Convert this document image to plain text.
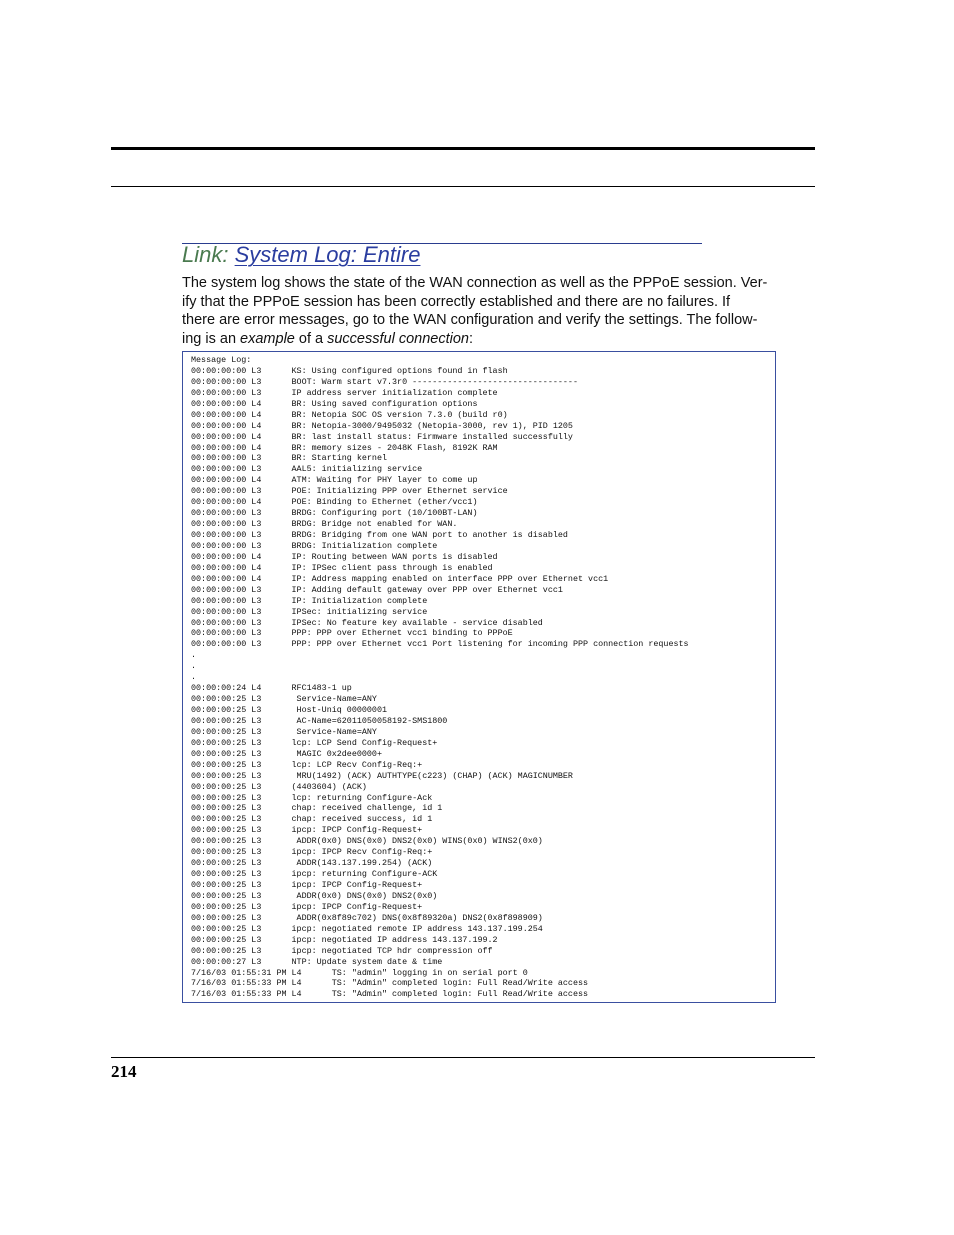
Link: System Log: Entire

The system log shows the state of the WAN connection as well as the PPPoE session. Ver-

ify that the PPPoE session has been correctly established and there are no failures. If

there are error messages, go to the WAN configuration and verify the settings. The follow-

ing is an example of a successful connection:

Message Log:
00:00:00:00 L3      KS: Using configured options found in flash
00:00:00:00 L3      BOOT: Warm start v7.3r0 ---------------------------------
00:00:00:00 L3      IP address server initialization complete
00:00:00:00 L4      BR: Using saved configuration options
00:00:00:00 L4      BR: Netopia SOC OS version 7.3.0 (build r0)
00:00:00:00 L4      BR: Netopia-3000/9495032 (Netopia-3000, rev 1), PID 1205
00:00:00:00 L4      BR: last install status: Firmware installed successfully
00:00:00:00 L4      BR: memory sizes - 2048K Flash, 8192K RAM
00:00:00:00 L3      BR: Starting kernel
00:00:00:00 L3      AAL5: initializing service
00:00:00:00 L4      ATM: Waiting for PHY layer to come up
00:00:00:00 L3      POE: Initializing PPP over Ethernet service
00:00:00:00 L4      POE: Binding to Ethernet (ether/vcc1)
00:00:00:00 L3      BRDG: Configuring port (10/100BT-LAN)
00:00:00:00 L3      BRDG: Bridge not enabled for WAN.
00:00:00:00 L3      BRDG: Bridging from one WAN port to another is disabled
00:00:00:00 L3      BRDG: Initialization complete
00:00:00:00 L4      IP: Routing between WAN ports is disabled
00:00:00:00 L4      IP: IPSec client pass through is enabled
00:00:00:00 L4      IP: Address mapping enabled on interface PPP over Ethernet vcc1
00:00:00:00 L3      IP: Adding default gateway over PPP over Ethernet vcc1
00:00:00:00 L3      IP: Initialization complete
00:00:00:00 L3      IPSec: initializing service
00:00:00:00 L3      IPSec: No feature key available - service disabled
00:00:00:00 L3      PPP: PPP over Ethernet vcc1 binding to PPPoE
00:00:00:00 L3      PPP: PPP over Ethernet vcc1 Port listening for incoming PPP connection requests
.
.
.
00:00:00:24 L4      RFC1483-1 up
00:00:00:25 L3       Service-Name=ANY
00:00:00:25 L3       Host-Uniq 00000001
00:00:00:25 L3       AC-Name=62011050058192-SMS1800
00:00:00:25 L3       Service-Name=ANY
00:00:00:25 L3      lcp: LCP Send Config-Request+
00:00:00:25 L3       MAGIC 0x2dee0000+
00:00:00:25 L3      lcp: LCP Recv Config-Req:+
00:00:00:25 L3       MRU(1492) (ACK) AUTHTYPE(c223) (CHAP) (ACK) MAGICNUMBER
00:00:00:25 L3      (4403604) (ACK)
00:00:00:25 L3      lcp: returning Configure-Ack
00:00:00:25 L3      chap: received challenge, id 1
00:00:00:25 L3      chap: received success, id 1
00:00:00:25 L3      ipcp: IPCP Config-Request+
00:00:00:25 L3       ADDR(0x0) DNS(0x0) DNS2(0x0) WINS(0x0) WINS2(0x0)
00:00:00:25 L3      ipcp: IPCP Recv Config-Req:+
00:00:00:25 L3       ADDR(143.137.199.254) (ACK)
00:00:00:25 L3      ipcp: returning Configure-ACK
00:00:00:25 L3      ipcp: IPCP Config-Request+
00:00:00:25 L3       ADDR(0x0) DNS(0x0) DNS2(0x0)
00:00:00:25 L3      ipcp: IPCP Config-Request+
00:00:00:25 L3       ADDR(0x8f89c702) DNS(0x8f89320a) DNS2(0x8f898909)
00:00:00:25 L3      ipcp: negotiated remote IP address 143.137.199.254
00:00:00:25 L3      ipcp: negotiated IP address 143.137.199.2
00:00:00:25 L3      ipcp: negotiated TCP hdr compression off
00:00:00:27 L3      NTP: Update system date & time
7/16/03 01:55:31 PM L4      TS: "admin" logging in on serial port 0
7/16/03 01:55:33 PM L4      TS: "Admin" completed login: Full Read/Write access
7/16/03 01:55:33 PM L4      TS: "Admin" completed login: Full Read/Write access
214
